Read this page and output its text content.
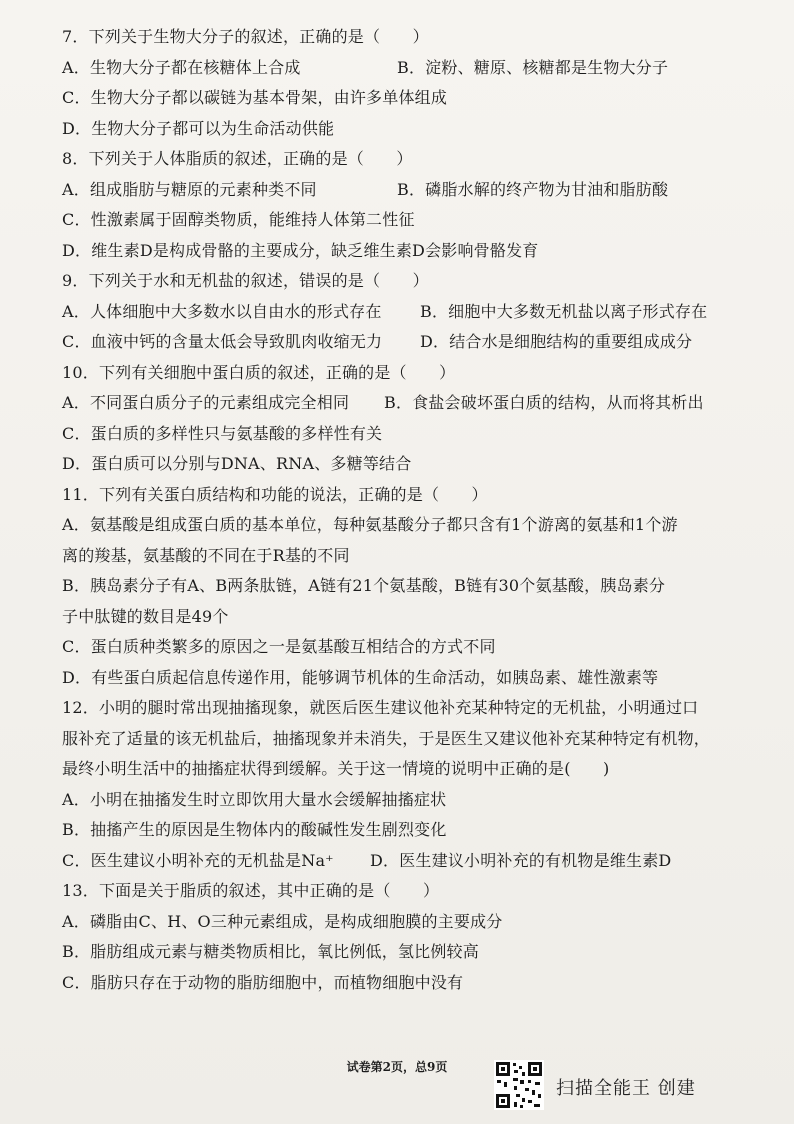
7．下列关于生物大分子的叙述，正确的是（　　）
A．生物大分子都在核糖体上合成	B．淀粉、糖原、核糖都是生物大分子
C．生物大分子都以碳链为基本骨架，由许多单体组成
D．生物大分子都可以为生命活动供能
8．下列关于人体脂质的叙述，正确的是（　　）
A．组成脂肪与糖原的元素种类不同	B．磷脂水解的终产物为甘油和脂肪酸
C．性激素属于固醇类物质，能维持人体第二性征
D．维生素D是构成骨骼的主要成分，缺乏维生素D会影响骨骼发育
9．下列关于水和无机盐的叙述，错误的是（　　）
A．人体细胞中大多数水以自由水的形式存在	B．细胞中大多数无机盐以离子形式存在
C．血液中钙的含量太低会导致肌肉收缩无力	D．结合水是细胞结构的重要组成成分
10．下列有关细胞中蛋白质的叙述，正确的是（　　）
A．不同蛋白质分子的元素组成完全相同	B．食盐会破坏蛋白质的结构，从而将其析出
C．蛋白质的多样性只与氨基酸的多样性有关
D．蛋白质可以分别与DNA、RNA、多糖等结合
11．下列有关蛋白质结构和功能的说法，正确的是（　　）
A．氨基酸是组成蛋白质的基本单位，每种氨基酸分子都只含有1个游离的氨基和1个游
离的羧基，氨基酸的不同在于R基的不同
B．胰岛素分子有A、B两条肽链，A链有21个氨基酸，B链有30个氨基酸，胰岛素分
子中肽键的数目是49个
C．蛋白质种类繁多的原因之一是氨基酸互相结合的方式不同
D．有些蛋白质起信息传递作用，能够调节机体的生命活动，如胰岛素、雄性激素等
12．小明的腿时常出现抽搐现象，就医后医生建议他补充某种特定的无机盐，小明通过口
服补充了适量的该无机盐后，抽搐现象并未消失，于是医生又建议他补充某种特定有机物，
最终小明生活中的抽搐症状得到缓解。关于这一情境的说明中正确的是(　　)
A．小明在抽搐发生时立即饮用大量水会缓解抽搐症状
B．抽搐产生的原因是生物体内的酸碱性发生剧烈变化
C．医生建议小明补充的无机盐是Na⁺	D．医生建议小明补充的有机物是维生素D
13．下面是关于脂质的叙述，其中正确的是（　　）
A．磷脂由C、H、O三种元素组成，是构成细胞膜的主要成分
B．脂肪组成元素与糖类物质相比，氧比例低，氢比例较高
C．脂肪只存在于动物的脂肪细胞中，而植物细胞中没有
试卷第2页，总9页
扫描全能王 创建
